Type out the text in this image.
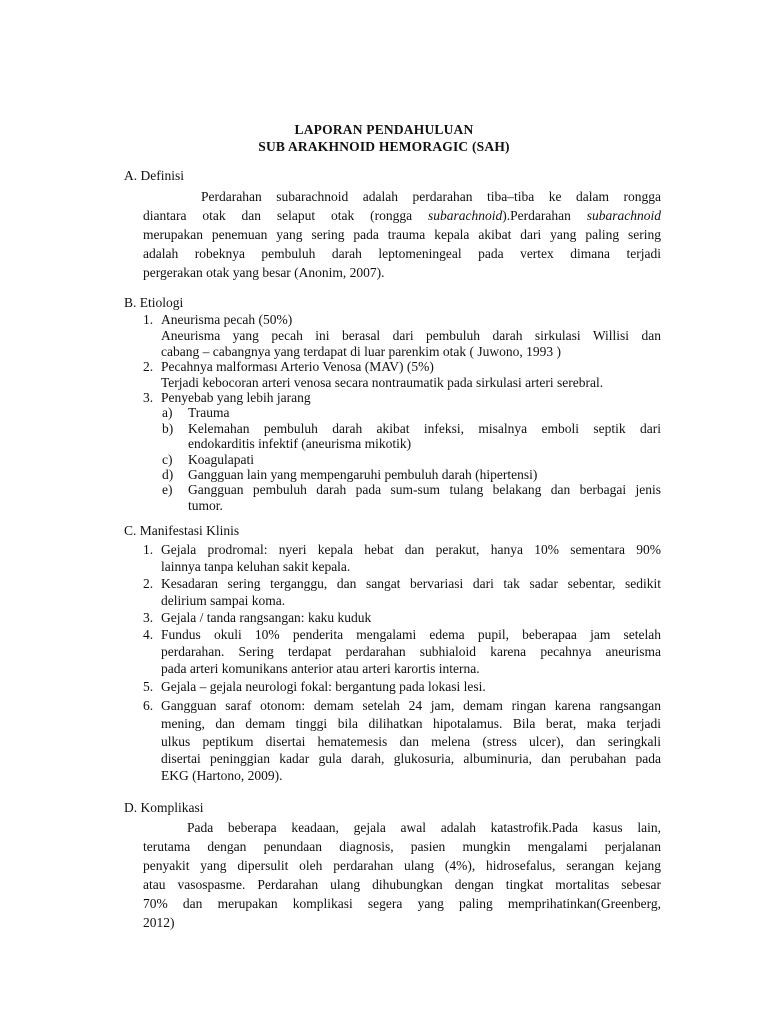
LAPORAN PENDAHULUAN
SUB ARAKHNOID HEMORAGIC (SAH)
A. Definisi
Perdarahan subarachnoid adalah perdarahan tiba–tiba ke dalam rongga
diantara otak dan selaput otak (rongga subarachnoid).Perdarahan subarachnoid
merupakan penemuan yang sering pada trauma kepala akibat dari yang paling sering
adalah robeknya pembuluh darah leptomeningeal pada vertex dimana terjadi
pergerakan otak yang besar (Anonim, 2007).
B. Etiologi
1. Aneurisma pecah (50%)
Aneurisma yang pecah ini berasal dari pembuluh darah sirkulasi Willisi dan
cabang – cabangnya yang terdapat di luar parenkim otak ( Juwono, 1993 )
2. Pecahnya malforması Arterio Venosa (MAV) (5%)
Terjadi kebocoran arteri venosa secara nontraumatik pada sirkulasi arteri serebral.
3. Penyebab yang lebih jarang
a) Trauma
b) Kelemahan pembuluh darah akibat infeksi, misalnya emboli septik dari
endokarditis infektif (aneurisma mikotik)
c) Koagulapati
d) Gangguan lain yang mempengaruhi pembuluh darah (hipertensi)
e) Gangguan pembuluh darah pada sum-sum tulang belakang dan berbagai jenis
tumor.
C. Manifestasi Klinis
1. Gejala prodromal: nyeri kepala hebat dan perakut, hanya 10% sementara 90%
lainnya tanpa keluhan sakit kepala.
2. Kesadaran sering terganggu, dan sangat bervariasi dari tak sadar sebentar, sedikit
delirium sampai koma.
3. Gejala / tanda rangsangan: kaku kuduk
4. Fundus okuli 10% penderita mengalami edema pupil, beberapaa jam setelah
perdarahan. Sering terdapat perdarahan subhialoid karena pecahnya aneurisma
pada arteri komunikans anterior atau arteri karortis interna.
5. Gejala – gejala neurologi fokal: bergantung pada lokasi lesi.
6. Gangguan saraf otonom: demam setelah 24 jam, demam ringan karena rangsangan
mening, dan demam tinggi bila dilihatkan hipotalamus. Bila berat, maka terjadi
ulkus peptikum disertai hematemesis dan melena (stress ulcer), dan seringkali
disertai peninggian kadar gula darah, glukosuria, albuminuria, dan perubahan pada
EKG (Hartono, 2009).
D. Komplikasi
Pada beberapa keadaan, gejala awal adalah katastrofik.Pada kasus lain,
terutama dengan penundaan diagnosis, pasien mungkin mengalami perjalanan
penyakit yang dipersulit oleh perdarahan ulang (4%), hidrosefalus, serangan kejang
atau vasospasme. Perdarahan ulang dihubungkan dengan tingkat mortalitas sebesar
70% dan merupakan komplikasi segera yang paling memprihatinkan(Greenberg,
2012)
